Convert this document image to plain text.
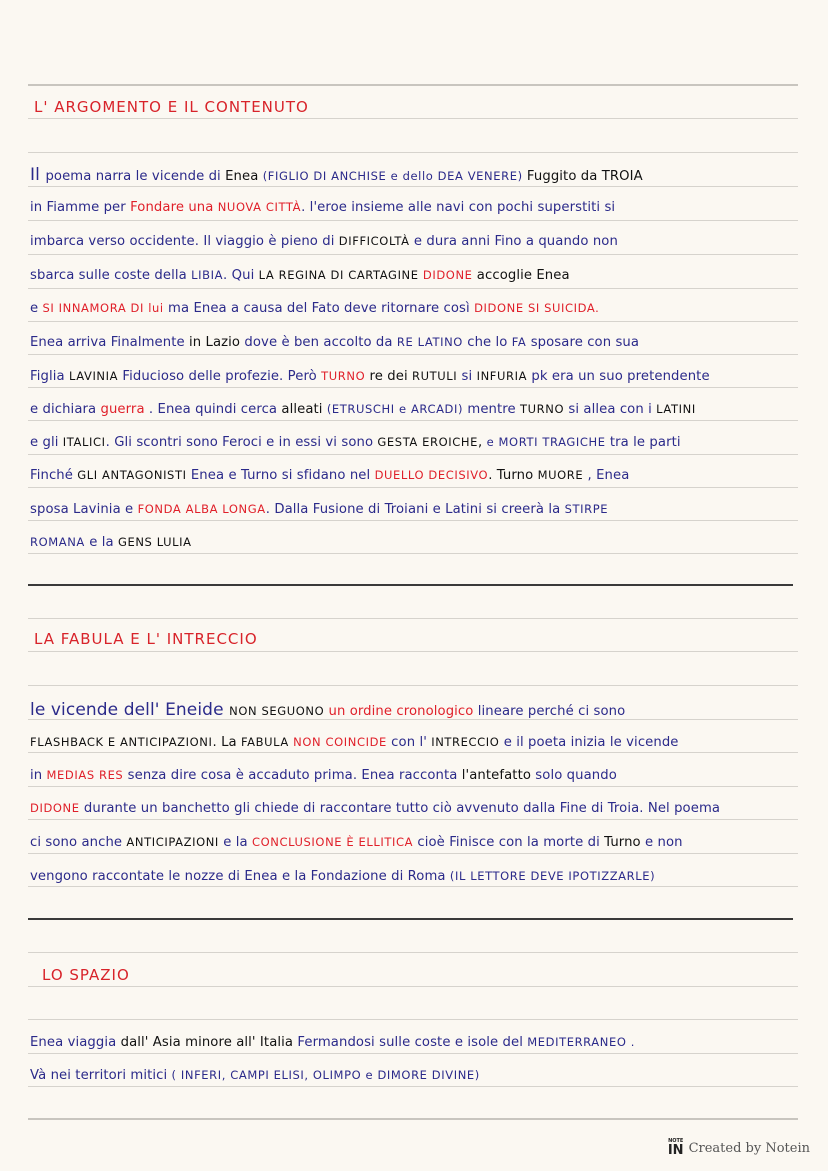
L' ARGOMENTO E IL CONTENUTO
Il poema narra le vicende di Enea (FIGLIO DI ANCHISE e dello DEA VENERE) Fuggito da TROIA
in Fiamme per Fondare una NUOVA CITTÀ. l'eroe insieme alle navi con pochi superstiti si
imbarca verso occidente. Il viaggio è pieno di DIFFICOLTÀ e dura anni Fino a quando non
sbarca sulle coste della LIBIA. Qui LA REGINA DI CARTAGINE DIDONE accoglie Enea
e SI INNAMORA DI lui ma Enea a causa del Fato deve ritornare così DIDONE SI SUICIDA.
Enea arriva Finalmente in Lazio dove è ben accolto da RE LATINO che lo FA sposare con sua
Figlia LAVINIA Fiducioso delle profezie. Però TURNO re dei RUTULI si INFURIA pk era un suo pretendente
e dichiara guerra . Enea quindi cerca alleati (ETRUSCHI e ARCADI) mentre TURNO si allea con i LATINI
e gli ITALICI. Gli scontri sono Feroci e in essi vi sono GESTA EROICHE, e MORTI TRAGICHE tra le parti
Finché GLI ANTAGONISTI Enea e Turno si sfidano nel DUELLO DECISIVO. Turno MUORE , Enea
sposa Lavinia e FONDA ALBA LONGA. Dalla Fusione di Troiani e Latini si creerà la STIRPE
ROMANA e la GENS LULIA
LA FABULA E L' INTRECCIO
le vicende dell' Eneide NON SEGUONO un ordine cronologico lineare perché ci sono
FLASHBACK E ANTICIPAZIONI. La FABULA NON COINCIDE con l' INTRECCIO e il poeta inizia le vicende
in MEDIAS RES senza dire cosa è accaduto prima. Enea racconta l'antefatto solo quando
DIDONE durante un banchetto gli chiede di raccontare tutto ciò avvenuto dalla Fine di Troia. Nel poema
ci sono anche ANTICIPAZIONI e la CONCLUSIONE È ELLITICA cioè Finisce con la morte di Turno e non
vengono raccontate le nozze di Enea e la Fondazione di Roma (IL LETTORE DEVE IPOTIZZARLE)
LO SPAZIO
Enea viaggia dall' Asia minore all' Italia Fermandosi sulle coste e isole del MEDITERRANEO .
Và nei territori mitici ( INFERI, CAMPI ELISI, OLIMPO e DIMORE DIVINE)
NOTE
IN Created by Notein
